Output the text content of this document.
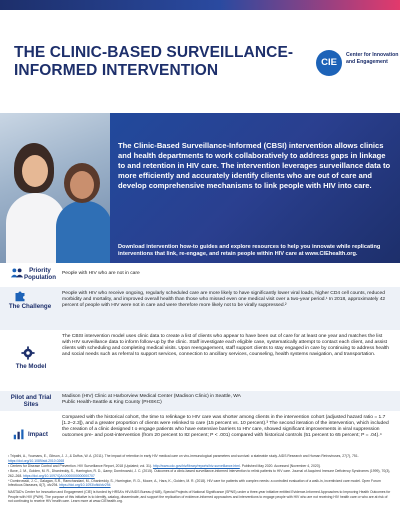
THE CLINIC-BASED SURVEILLANCE-INFORMED INTERVENTION	CIE
Center for Innovation and Engagement
The Clinic-Based Surveillance-Informed (CBSI) intervention allows clinics and health departments to work collaboratively to address gaps in linkage to and retention in HIV care. The intervention leverages surveillance data to more efficiently and accurately identify clients who are out of care and develop comprehensive mechanisms to link people with HIV into care.
Download intervention how-to guides and explore resources to help you innovate while replicating interventions that link, re-engage, and retain people within HIV care at www.CIEhealth.org.
Priority Population
People with HIV who are not in care
The Challenge
People with HIV who receive ongoing, regularly scheduled care are more likely to have significantly lower viral loads, higher CD4 cell counts, reduced morbidity and mortality, and improved overall health than those who missed even one medical visit over a two-year period.¹ In 2018, approximately 42 percent of people with HIV were not in care and were therefore more likely not to be virally suppressed.²
The Model
The CBSI intervention model uses clinic data to create a list of clients who appear to have been out of care for at least one year and matches the list with HIV surveillance data to inform follow-up by the clinic. Staff investigate each eligible case, systematically attempt to contact each client, and assist clients with scheduling and completing medical visits. Upon reengagement, staff support clients to stay engaged in care by continuing to address health and social needs such as referral to support services, connection to ancillary services, counseling, health systems navigation, and transportation.
Pilot and Trial Sites
Madison (HIV) Clinic at Harborview Medical Center (Madison Clinic) in Seattle, WA Public Health-Seattle & King County (PHSKC)
Impact
Compared with the historical cohort, the time to relinkage to HIV care was shorter among clients in the intervention cohort (adjusted hazard ratio = 1.7 [1.2–2.3]), and a greater proportion of clients were relinked to care (15 percent vs. 10 percent).³ The second iteration of the intervention, which included the creation of a clinic designed t o engage patients who have extensive barriers to HIV care, showed significant improvements in viral suppression outcomes pre- and post-intervention (from 20 percent to 82 percent; P < .001) compared with historical controls (51 percent to 65 percent; P = .04).⁴
¹ Tripathi, A., Youmans, E., Gibson, J. J., & Duffus, W. A. (2011). The impact of retention in early HIV medical care on viro-immunological parameters and survival: a statewide study. AIDS Research and Human Retroviruses, 27(7), 751. https://doi.org/10.1089/aid.2010.0268
² Centers for Disease Control and Prevention. HIV Surveillance Report, 2018 (Updated; vol. 31). http://www.cdc.gov/hiv/library/reports/hiv-surveillance.html. Published May 2020. Accessed [November 4, 2020].
³ Bove, J. M., Golden, M. R., Dhanireddy, S., Harrington, R. D., &amp; Dombrowski, J. C. (2015). Outcomes of a clinic-based surveillance-informed intervention to relink patients to HIV care. Journal of Acquired Immune Deficiency Syndromes (1999), 70(3), 262–268. https://doi.org/10.1097/QAI.0000000000000707
⁴ Dombrowski, J. C., Galagan, S.R., Ramchandani, M., Dhanireddy, S., Harrington, R. D., Moore, A., Hara, K., Golden, M. R. (2018). HIV care for patients with complex needs: a controlled evaluation of a walk-in, incentivized care model. Open Forum Infectious Diseases, 6(7), ofz294. https://doi.org/10.1093/ofid/ofz294
NASTAD's Center for Innovation and Engagement (CIE) is funded by HRSA's HIV/AIDS Bureau (HAB), Special Projects of National Significance (SPNS) under a three-year initiative entitled Evidence-Informed Approaches to Improving Health Outcomes for People with HIV (PWH). The purpose of this initiative is to identify, catalog, disseminate, and support the replication of evidence-informed approaches and interventions to engage people with HIV who are not receiving HIV health care or who are at risk of not continuing to receive HIV health care. Learn more at www.CIEhealth.org.
